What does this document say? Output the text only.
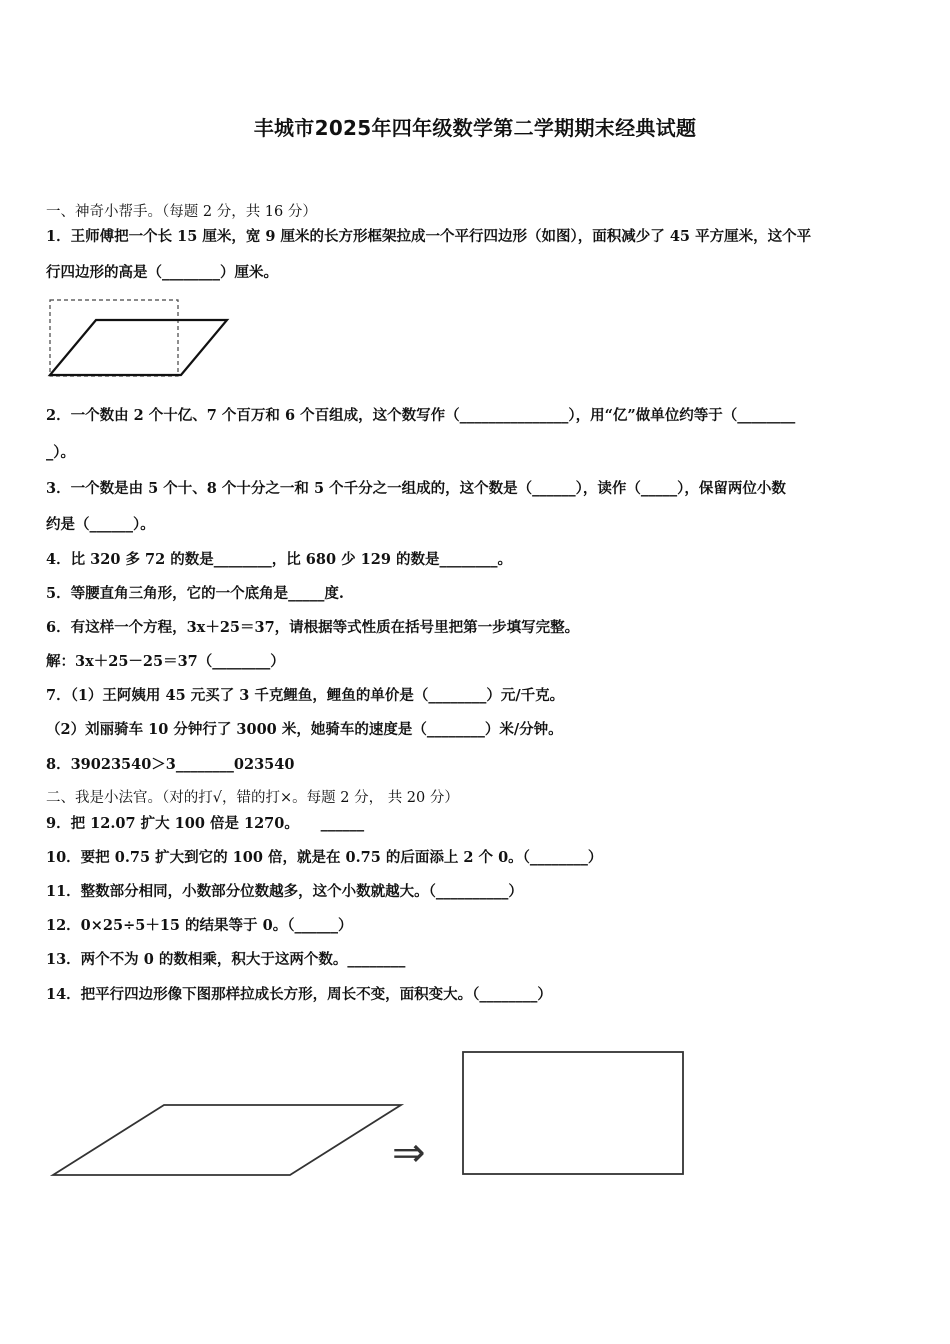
丰城市2025年四年级数学第二学期期末经典试题
一、神奇小帮手。（每题 2 分，共 16 分）
1．王师傅把一个长 15 厘米，宽 9 厘米的长方形框架拉成一个平行四边形（如图），面积减少了 45 平方厘米，这个平
行四边形的高是（________）厘米。
2．一个数由 2 个十亿、7 个百万和 6 个百组成，这个数写作（_______________），用“亿”做单位约等于（________
_）。
3．一个数是由 5 个十、8 个十分之一和 5 个千分之一组成的，这个数是（______），读作（_____），保留两位小数
约是（______）。
4．比 320 多 72 的数是________，比 680 少 129 的数是________。
5．等腰直角三角形，它的一个底角是_____度.
6．有这样一个方程，3x＋25＝37，请根据等式性质在括号里把第一步填写完整。
解：3x＋25－25＝37（________）
7．（1）王阿姨用 45 元买了 3 千克鲤鱼，鲤鱼的单价是（________）元/千克。
（2）刘丽骑车 10 分钟行了 3000 米，她骑车的速度是（________）米/分钟。
8．39023540＞3________023540
二、我是小法官。（对的打√，错的打×。每题 2 分， 共 20 分）
9．把 12.07 扩大 100 倍是 1270。　　______
10．要把 0.75 扩大到它的 100 倍，就是在 0.75 的后面添上 2 个 0。（________）
11．整数部分相同，小数部分位数越多，这个小数就越大。（__________）
12．0×25÷5＋15 的结果等于 0。（______）
13．两个不为 0 的数相乘，积大于这两个数。________
14．把平行四边形像下图那样拉成长方形，周长不变，面积变大。（________）
⇒
